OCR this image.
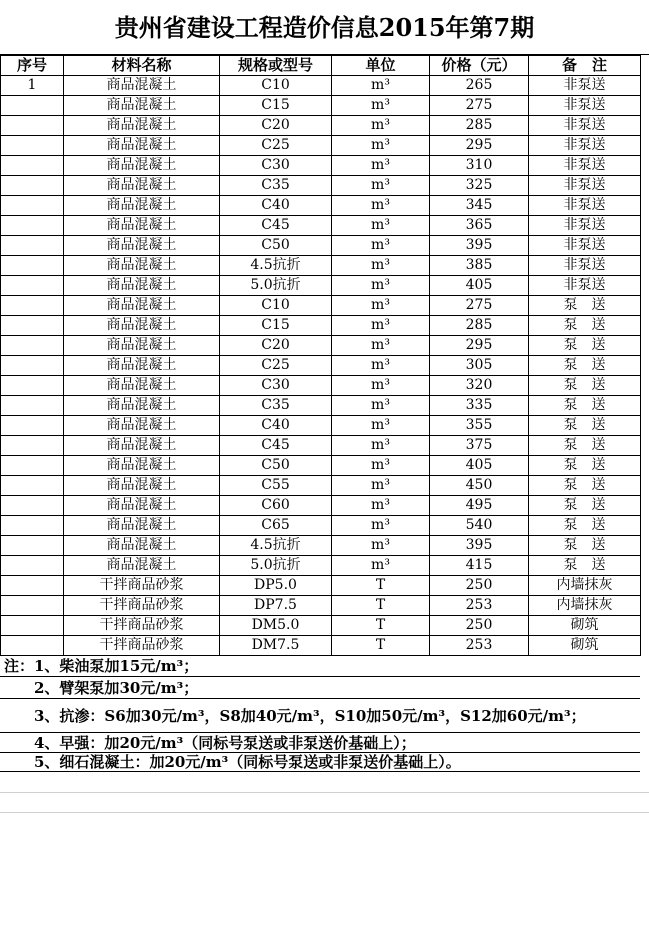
贵州省建设工程造价信息2015年第7期
序号	材料名称	规格或型号	单位	价格（元）	备　注
1	商品混凝土	C10	m³	265	非泵送
	商品混凝土	C15	m³	275	非泵送
	商品混凝土	C20	m³	285	非泵送
	商品混凝土	C25	m³	295	非泵送
	商品混凝土	C30	m³	310	非泵送
	商品混凝土	C35	m³	325	非泵送
	商品混凝土	C40	m³	345	非泵送
	商品混凝土	C45	m³	365	非泵送
	商品混凝土	C50	m³	395	非泵送
	商品混凝土	4.5抗折	m³	385	非泵送
	商品混凝土	5.0抗折	m³	405	非泵送
	商品混凝土	C10	m³	275	泵　送
	商品混凝土	C15	m³	285	泵　送
	商品混凝土	C20	m³	295	泵　送
	商品混凝土	C25	m³	305	泵　送
	商品混凝土	C30	m³	320	泵　送
	商品混凝土	C35	m³	335	泵　送
	商品混凝土	C40	m³	355	泵　送
	商品混凝土	C45	m³	375	泵　送
	商品混凝土	C50	m³	405	泵　送
	商品混凝土	C55	m³	450	泵　送
	商品混凝土	C60	m³	495	泵　送
	商品混凝土	C65	m³	540	泵　送
	商品混凝土	4.5抗折	m³	395	泵　送
	商品混凝土	5.0抗折	m³	415	泵　送
	干拌商品砂浆	DP5.0	T	250	内墙抹灰
	干拌商品砂浆	DP7.5	T	253	内墙抹灰
	干拌商品砂浆	DM5.0	T	250	砌筑
	干拌商品砂浆	DM7.5	T	253	砌筑
注：1、柴油泵加15元/m³；
2、臂架泵加30元/m³；
3、抗渗：S6加30元/m³，S8加40元/m³，S10加50元/m³，S12加60元/m³；
4、早强：加20元/m³（同标号泵送或非泵送价基础上）；
5、细石混凝土：加20元/m³（同标号泵送或非泵送价基础上）。
